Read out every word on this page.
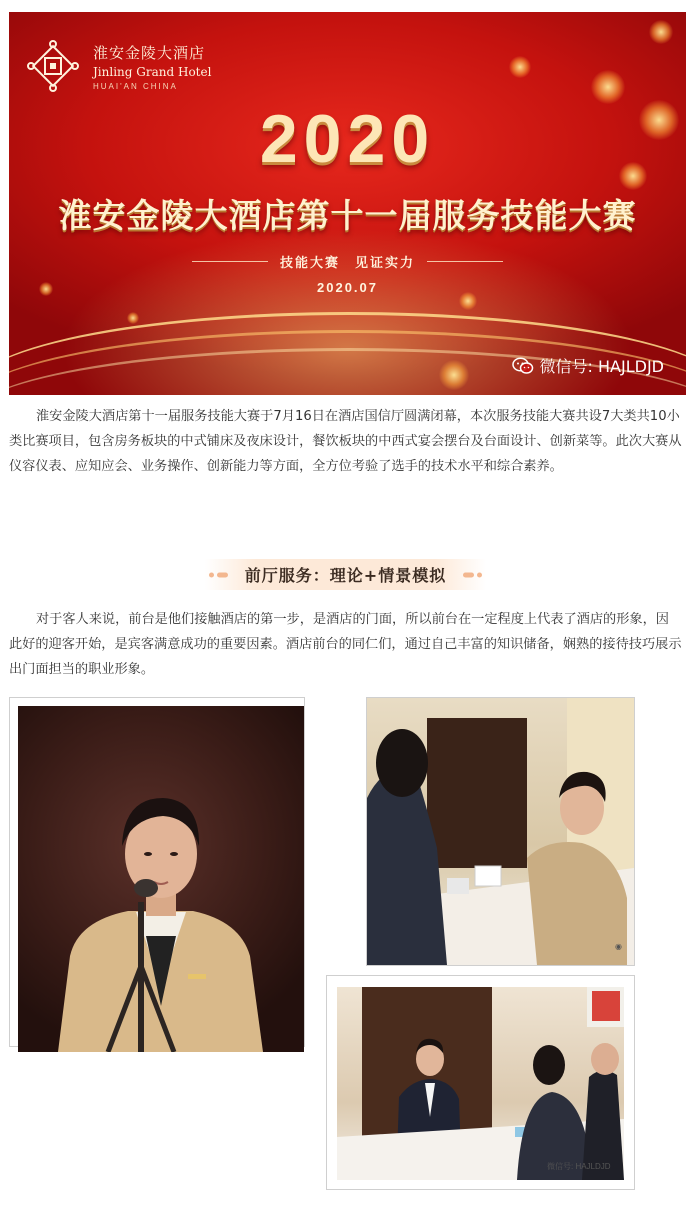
淮安金陵大酒店
Jinling Grand Hotel
HUAI'AN CHINA
2020
淮安金陵大酒店第十一届服务技能大赛
技能大赛　见证实力
2020.07
微信号: HAJLDJD

淮安金陵大酒店第十一届服务技能大赛于7月16日在酒店国信厅圆满闭幕，本次服务技能大赛共设7大类共10小类比赛项目，包含房务板块的中式铺床及夜床设计，餐饮板块的中西式宴会摆台及台面设计、创新菜等。此次大赛从仪容仪表、应知应会、业务操作、创新能力等方面，全方位考验了选手的技术水平和综合素养。

前厅服务：理论+情景模拟

对于客人来说，前台是他们接触酒店的第一步，是酒店的门面，所以前台在一定程度上代表了酒店的形象，因此好的迎客开始，是宾客满意成功的重要因素。酒店前台的同仁们，通过自己丰富的知识储备，娴熟的接待技巧展示出门面担当的职业形象。

◉
微信号: HAJLDJD
